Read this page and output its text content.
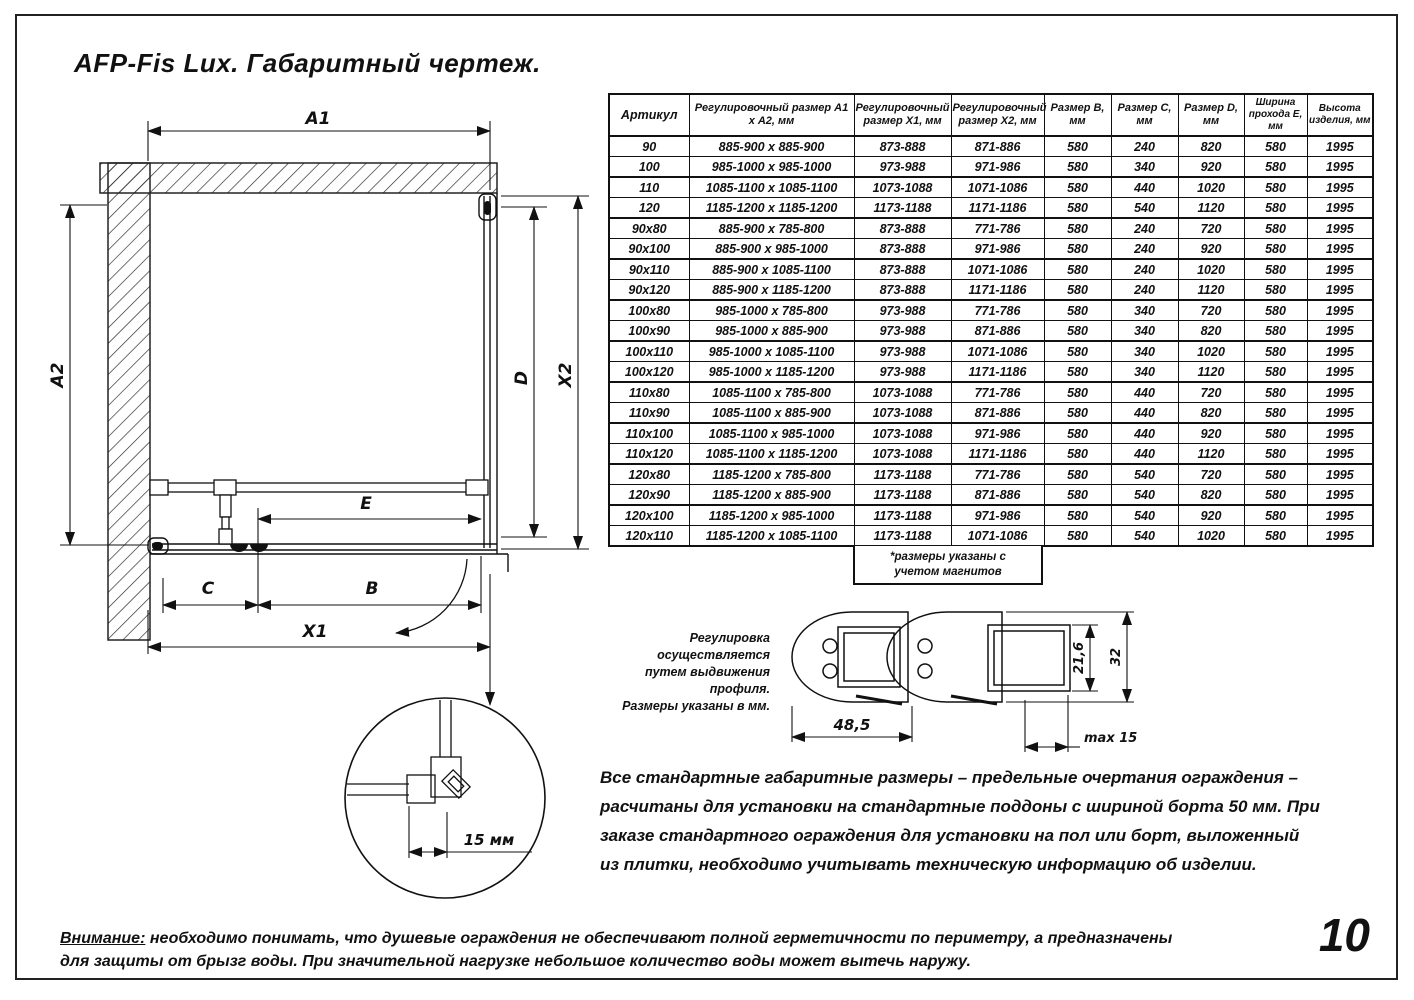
A1
A2	X2
D
E
C	B
X1
15 мм
48,5
21,6 32
max 15
AFP-Fis Lux. Габаритный чертеж.
Артикул	Регулировочный размер А1 х А2, мм	Регулировочный размер Х1, мм	Регулировочный размер Х2, мм	Размер В, мм	Размер С, мм	Размер D, мм	Ширина прохода Е, мм	Высота изделия, мм
90	885-900 x 885-900	873-888	871-886	580	240	820	580	1995
100	985-1000 x 985-1000	973-988	971-986	580	340	920	580	1995
110	1085-1100 x 1085-1100	1073-1088	1071-1086	580	440	1020	580	1995
120	1185-1200 x 1185-1200	1173-1188	1171-1186	580	540	1120	580	1995
90x80	885-900 x 785-800	873-888	771-786	580	240	720	580	1995
90x100	885-900 x 985-1000	873-888	971-986	580	240	920	580	1995
90x110	885-900 x 1085-1100	873-888	1071-1086	580	240	1020	580	1995
90x120	885-900 x 1185-1200	873-888	1171-1186	580	240	1120	580	1995
100x80	985-1000 x 785-800	973-988	771-786	580	340	720	580	1995
100x90	985-1000 x 885-900	973-988	871-886	580	340	820	580	1995
100x110	985-1000 x 1085-1100	973-988	1071-1086	580	340	1020	580	1995
100x120	985-1000 x 1185-1200	973-988	1171-1186	580	340	1120	580	1995
110x80	1085-1100 x 785-800	1073-1088	771-786	580	440	720	580	1995
110x90	1085-1100 x 885-900	1073-1088	871-886	580	440	820	580	1995
110x100	1085-1100 x 985-1000	1073-1088	971-986	580	440	920	580	1995
110x120	1085-1100 x 1185-1200	1073-1088	1171-1186	580	440	1120	580	1995
120x80	1185-1200 x 785-800	1173-1188	771-786	580	540	720	580	1995
120x90	1185-1200 x 885-900	1173-1188	871-886	580	540	820	580	1995
120x100	1185-1200 x 985-1000	1173-1188	971-986	580	540	920	580	1995
120x110	1185-1200 x 1085-1100	1173-1188	1071-1086	580	540	1020	580	1995
*размеры указаны с учетом магнитов
Регулировка осуществляется
путем выдвижения профиля.
Размеры указаны в мм.
Все стандартные габаритные размеры – предельные очертания ограждения –
расчитаны для установки на стандартные поддоны с шириной борта 50 мм. При
заказе стандартного ограждения для установки на пол или борт, выложенный
из плитки, необходимо учитывать техническую информацию об изделии.
Внимание: необходимо понимать, что душевые ограждения не обеспечивают полной герметичности по периметру, а предназначены
для защиты от брызг воды. При значительной нагрузке небольшое количество воды может вытечь наружу.
10
